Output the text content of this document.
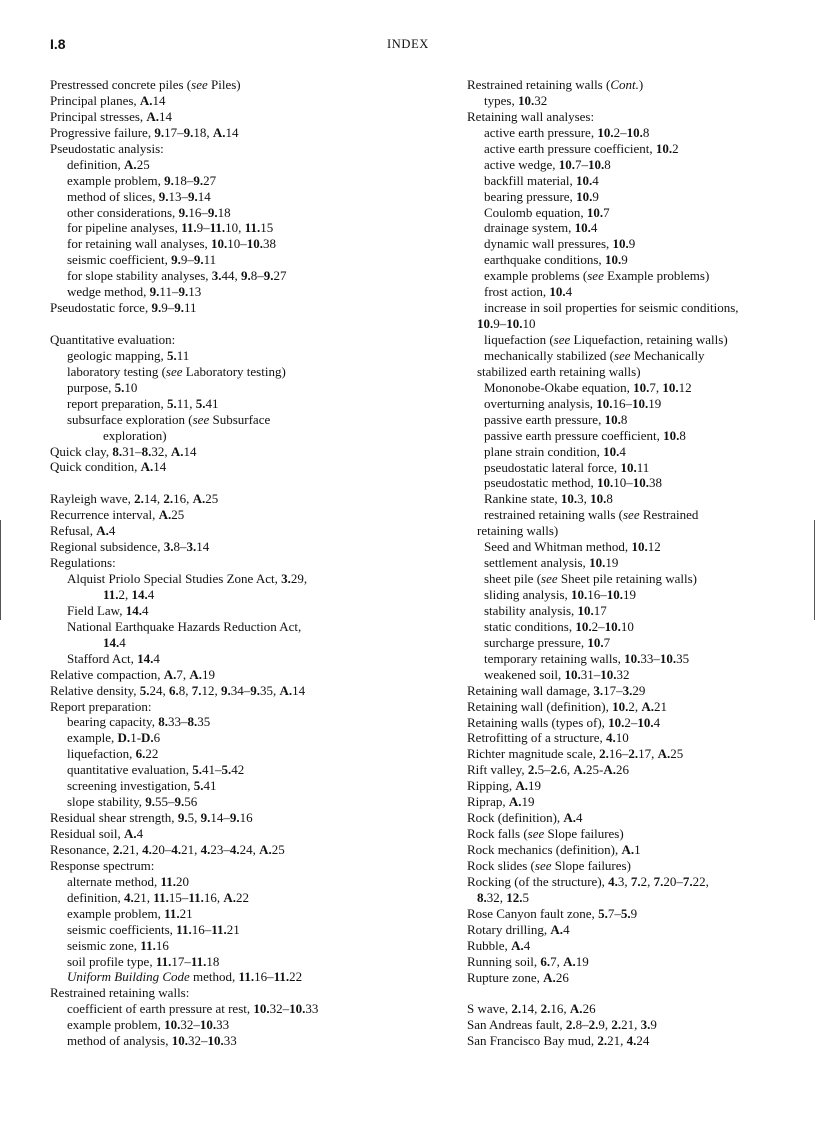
I.8	INDEX
Prestressed concrete piles (see Piles)
Principal planes, A.14
Principal stresses, A.14
Progressive failure, 9.17–9.18, A.14
Pseudostatic analysis:
definition, A.25
example problem, 9.18–9.27
method of slices, 9.13–9.14
other considerations, 9.16–9.18
for pipeline analyses, 11.9–11.10, 11.15
for retaining wall analyses, 10.10–10.38
seismic coefficient, 9.9–9.11
for slope stability analyses, 3.44, 9.8–9.27
wedge method, 9.11–9.13
Pseudostatic force, 9.9–9.11
Quantitative evaluation:
geologic mapping, 5.11
laboratory testing (see Laboratory testing)
purpose, 5.10
report preparation, 5.11, 5.41
subsurface exploration (see Subsurface
exploration)
Quick clay, 8.31–8.32, A.14
Quick condition, A.14
Rayleigh wave, 2.14, 2.16, A.25
Recurrence interval, A.25
Refusal, A.4
Regional subsidence, 3.8–3.14
Regulations:
Alquist Priolo Special Studies Zone Act, 3.29,
11.2, 14.4
Field Law, 14.4
National Earthquake Hazards Reduction Act,
14.4
Stafford Act, 14.4
Relative compaction, A.7, A.19
Relative density, 5.24, 6.8, 7.12, 9.34–9.35, A.14
Report preparation:
bearing capacity, 8.33–8.35
example, D.1-D.6
liquefaction, 6.22
quantitative evaluation, 5.41–5.42
screening investigation, 5.41
slope stability, 9.55–9.56
Residual shear strength, 9.5, 9.14–9.16
Residual soil, A.4
Resonance, 2.21, 4.20–4.21, 4.23–4.24, A.25
Response spectrum:
alternate method, 11.20
definition, 4.21, 11.15–11.16, A.22
example problem, 11.21
seismic coefficients, 11.16–11.21
seismic zone, 11.16
soil profile type, 11.17–11.18
Uniform Building Code method, 11.16–11.22
Restrained retaining walls:
coefficient of earth pressure at rest, 10.32–10.33
example problem, 10.32–10.33
method of analysis, 10.32–10.33
Restrained retaining walls (Cont.)
types, 10.32
Retaining wall analyses:
active earth pressure, 10.2–10.8
active earth pressure coefficient, 10.2
active wedge, 10.7–10.8
backfill material, 10.4
bearing pressure, 10.9
Coulomb equation, 10.7
drainage system, 10.4
dynamic wall pressures, 10.9
earthquake conditions, 10.9
example problems (see Example problems)
frost action, 10.4
increase in soil properties for seismic conditions,
10.9–10.10
liquefaction (see Liquefaction, retaining walls)
mechanically stabilized (see Mechanically
stabilized earth retaining walls)
Mononobe-Okabe equation, 10.7, 10.12
overturning analysis, 10.16–10.19
passive earth pressure, 10.8
passive earth pressure coefficient, 10.8
plane strain condition, 10.4
pseudostatic lateral force, 10.11
pseudostatic method, 10.10–10.38
Rankine state, 10.3, 10.8
restrained retaining walls (see Restrained
retaining walls)
Seed and Whitman method, 10.12
settlement analysis, 10.19
sheet pile (see Sheet pile retaining walls)
sliding analysis, 10.16–10.19
stability analysis, 10.17
static conditions, 10.2–10.10
surcharge pressure, 10.7
temporary retaining walls, 10.33–10.35
weakened soil, 10.31–10.32
Retaining wall damage, 3.17–3.29
Retaining wall (definition), 10.2, A.21
Retaining walls (types of), 10.2–10.4
Retrofitting of a structure, 4.10
Richter magnitude scale, 2.16–2.17, A.25
Rift valley, 2.5–2.6, A.25-A.26
Ripping, A.19
Riprap, A.19
Rock (definition), A.4
Rock falls (see Slope failures)
Rock mechanics (definition), A.1
Rock slides (see Slope failures)
Rocking (of the structure), 4.3, 7.2, 7.20–7.22,
8.32, 12.5
Rose Canyon fault zone, 5.7–5.9
Rotary drilling, A.4
Rubble, A.4
Running soil, 6.7, A.19
Rupture zone, A.26
S wave, 2.14, 2.16, A.26
San Andreas fault, 2.8–2.9, 2.21, 3.9
San Francisco Bay mud, 2.21, 4.24
